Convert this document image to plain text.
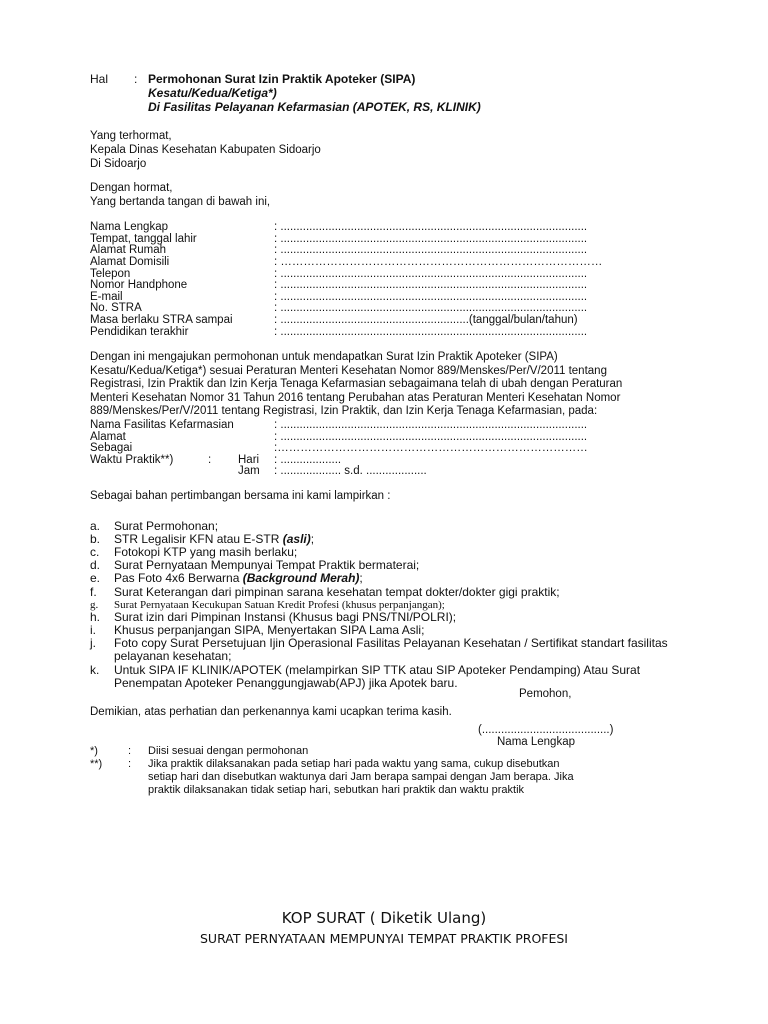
Hal	: Permohonan Surat Izin Praktik Apoteker (SIPA)
Kesatu/Kedua/Ketiga*)
Di Fasilitas Pelayanan Kefarmasian (APOTEK, RS, KLINIK)
Yang terhormat,
Kepala Dinas Kesehatan Kabupaten Sidoarjo
Di Sidoarjo
Dengan hormat,
Yang bertanda tangan di bawah ini,
Nama Lengkap	: ................................................................................................
Tempat, tanggal lahir	: ................................................................................................
Alamat Rumah	: ................................................................................................
Alamat Domisili	: …………………………………………………………………………
Telepon	: ................................................................................................
Nomor Handphone	: ................................................................................................
E-mail	: ................................................................................................
No. STRA	: ................................................................................................
Masa berlaku STRA sampai	: ...........................................................(tanggal/bulan/tahun)
Pendidikan terakhir	: ................................................................................................
Dengan ini mengajukan permohonan untuk mendapatkan Surat Izin Praktik Apoteker (SIPA)
Kesatu/Kedua/Ketiga*) sesuai Peraturan Menteri Kesehatan Nomor 889/Menskes/Per/V/2011 tentang
Registrasi, Izin Praktik dan Izin Kerja Tenaga Kefarmasian sebagaimana telah di ubah dengan Peraturan
Menteri Kesehatan Nomor 31 Tahun 2016 tentang Perubahan atas Peraturan Menteri Kesehatan Nomor
889/Menskes/Per/V/2011 tentang Registrasi, Izin Praktik, dan Izin Kerja Tenaga Kefarmasian, pada:
Nama Fasilitas Kefarmasian	: ................................................................................................
Alamat	: ................................................................................................
Sebagai	:………………………………………………………………………
Waktu Praktik**)	:	Hari	: ...................
Jam	: ................... s.d. ...................
Sebagai bahan pertimbangan bersama ini kami lampirkan :
a.	Surat Permohonan;
b.	STR Legalisir KFN atau E-STR (asli);
c.	Fotokopi KTP yang masih berlaku;
d.	Surat Pernyataan Mempunyai Tempat Praktik bermaterai;
e.	Pas Foto 4x6 Berwarna (Background Merah);
f.	Surat Keterangan dari pimpinan sarana kesehatan tempat dokter/dokter gigi praktik;
g.	Surat Pernyataan Kecukupan Satuan Kredit Profesi (khusus perpanjangan);
h.	Surat izin dari Pimpinan Instansi (Khusus bagi PNS/TNI/POLRI);
i.	Khusus perpanjangan SIPA, Menyertakan SIPA Lama Asli;
j.	Foto copy Surat Persetujuan Ijin Operasional Fasilitas Pelayanan Kesehatan / Sertifikat standart fasilitas pelayanan kesehatan;
k.	Untuk SIPA IF KLINIK/APOTEK (melampirkan SIP TTK atau SIP Apoteker Pendamping) Atau Surat Penempatan Apoteker Penanggungjawab(APJ) jika Apotek baru.
Demikian, atas perhatian dan perkenannya kami ucapkan terima kasih.
Pemohon,
(........................................)
Nama Lengkap
*)	:	Diisi sesuai dengan permohonan
**)	:	Jika praktik dilaksanakan pada setiap hari pada waktu yang sama, cukup disebutkan setiap hari dan disebutkan waktunya dari Jam berapa sampai dengan Jam berapa. Jika praktik dilaksanakan tidak setiap hari, sebutkan hari praktik dan waktu praktik
KOP SURAT ( Diketik Ulang)
SURAT PERNYATAAN MEMPUNYAI TEMPAT PRAKTIK PROFESI
